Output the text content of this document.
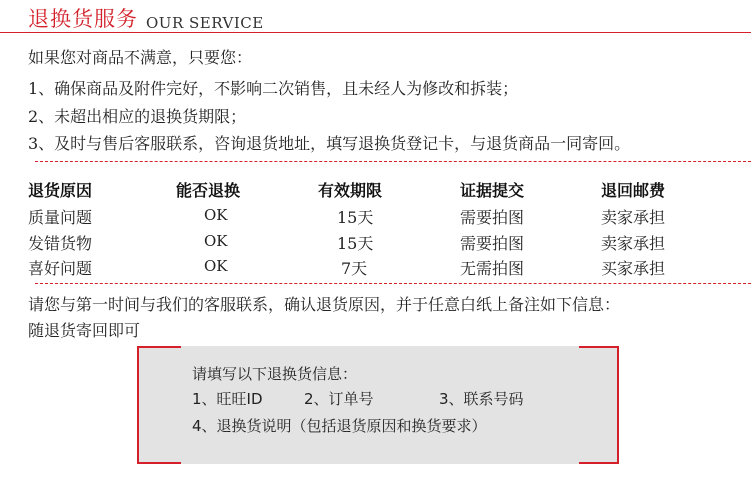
退换货服务 OUR SERVICE
如果您对商品不满意，只要您：
1、确保商品及附件完好，不影响二次销售，且未经人为修改和拆装；
2、未超出相应的退换货期限；
3、及时与售后客服联系，咨询退货地址，填写退换货登记卡，与退货商品一同寄回。
退货原因	能否退换	有效期限	证据提交	退回邮费
质量问题	OK	15天	需要拍图	卖家承担
发错货物	OK	15天	需要拍图	卖家承担
喜好问题	OK	7天	无需拍图	买家承担
请您与第一时间与我们的客服联系，确认退货原因，并于任意白纸上备注如下信息：
随退货寄回即可
请填写以下退换货信息：
1、旺旺ID	2、订单号	3、联系号码
4、退换货说明（包括退货原因和换货要求）
